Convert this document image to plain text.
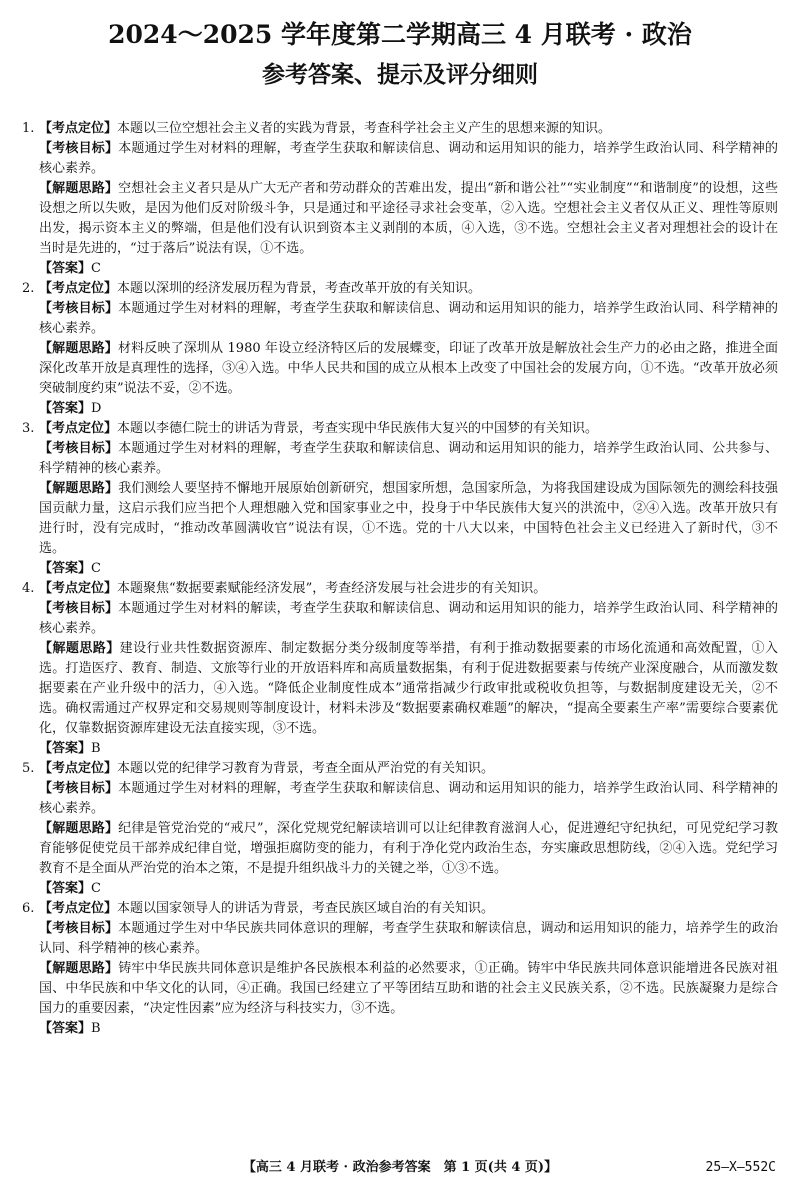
2024～2025 学年度第二学期高三 4 月联考 · 政治
参考答案、提示及评分细则
1. 【考点定位】本题以三位空想社会主义者的实践为背景，考查科学社会主义产生的思想来源的知识。
【考核目标】本题通过学生对材料的理解，考查学生获取和解读信息、调动和运用知识的能力，培养学生政治认同、科学精神的核心素养。
【解题思路】空想社会主义者只是从广大无产者和劳动群众的苦难出发，提出“新和谐公社”“实业制度”“和谐制度”的设想，这些设想之所以失败，是因为他们反对阶级斗争，只是通过和平途径寻求社会变革，②入选。空想社会主义者仅从正义、理性等原则出发，揭示资本主义的弊端，但是他们没有认识到资本主义剥削的本质，④入选，③不选。空想社会主义者对理想社会的设计在当时是先进的，“过于落后”说法有误，①不选。
【答案】C
2. 【考点定位】本题以深圳的经济发展历程为背景，考查改革开放的有关知识。
【考核目标】本题通过学生对材料的理解，考查学生获取和解读信息、调动和运用知识的能力，培养学生政治认同、科学精神的核心素养。
【解题思路】材料反映了深圳从 1980 年设立经济特区后的发展蝶变，印证了改革开放是解放社会生产力的必由之路，推进全面深化改革开放是真理性的选择，③④入选。中华人民共和国的成立从根本上改变了中国社会的发展方向，①不选。“改革开放必须突破制度约束”说法不妥，②不选。
【答案】D
3. 【考点定位】本题以李德仁院士的讲话为背景，考查实现中华民族伟大复兴的中国梦的有关知识。
【考核目标】本题通过学生对材料的理解，考查学生获取和解读信息、调动和运用知识的能力，培养学生政治认同、公共参与、科学精神的核心素养。
【解题思路】我们测绘人要坚持不懈地开展原始创新研究，想国家所想，急国家所急，为将我国建设成为国际领先的测绘科技强国贡献力量，这启示我们应当把个人理想融入党和国家事业之中，投身于中华民族伟大复兴的洪流中，②④入选。改革开放只有进行时，没有完成时，“推动改革圆满收官”说法有误，①不选。党的十八大以来，中国特色社会主义已经进入了新时代，③不选。
【答案】C
4. 【考点定位】本题聚焦“数据要素赋能经济发展”，考查经济发展与社会进步的有关知识。
【考核目标】本题通过学生对材料的解读，考查学生获取和解读信息、调动和运用知识的能力，培养学生政治认同、科学精神的核心素养。
【解题思路】建设行业共性数据资源库、制定数据分类分级制度等举措，有利于推动数据要素的市场化流通和高效配置，①入选。打造医疗、教育、制造、文旅等行业的开放语料库和高质量数据集，有利于促进数据要素与传统产业深度融合，从而激发数据要素在产业升级中的活力，④入选。“降低企业制度性成本”通常指减少行政审批或税收负担等，与数据制度建设无关，②不选。确权需通过产权界定和交易规则等制度设计，材料未涉及“数据要素确权难题”的解决，“提高全要素生产率”需要综合要素优化，仅靠数据资源库建设无法直接实现，③不选。
【答案】B
5. 【考点定位】本题以党的纪律学习教育为背景，考查全面从严治党的有关知识。
【考核目标】本题通过学生对材料的理解，考查学生获取和解读信息、调动和运用知识的能力，培养学生政治认同、科学精神的核心素养。
【解题思路】纪律是管党治党的“戒尺”，深化党规党纪解读培训可以让纪律教育滋润人心，促进遵纪守纪执纪，可见党纪学习教育能够促使党员干部养成纪律自觉，增强拒腐防变的能力，有利于净化党内政治生态，夯实廉政思想防线，②④入选。党纪学习教育不是全面从严治党的治本之策，不是提升组织战斗力的关键之举，①③不选。
【答案】C
6. 【考点定位】本题以国家领导人的讲话为背景，考查民族区域自治的有关知识。
【考核目标】本题通过学生对中华民族共同体意识的理解，考查学生获取和解读信息，调动和运用知识的能力，培养学生的政治认同、科学精神的核心素养。
【解题思路】铸牢中华民族共同体意识是维护各民族根本利益的必然要求，①正确。铸牢中华民族共同体意识能增进各民族对祖国、中华民族和中华文化的认同，④正确。我国已经建立了平等团结互助和谐的社会主义民族关系，②不选。民族凝聚力是综合国力的重要因素，“决定性因素”应为经济与科技实力，③不选。
【答案】B
【高三 4 月联考 · 政治参考答案　第 1 页(共 4 页)】	25—X—552C
